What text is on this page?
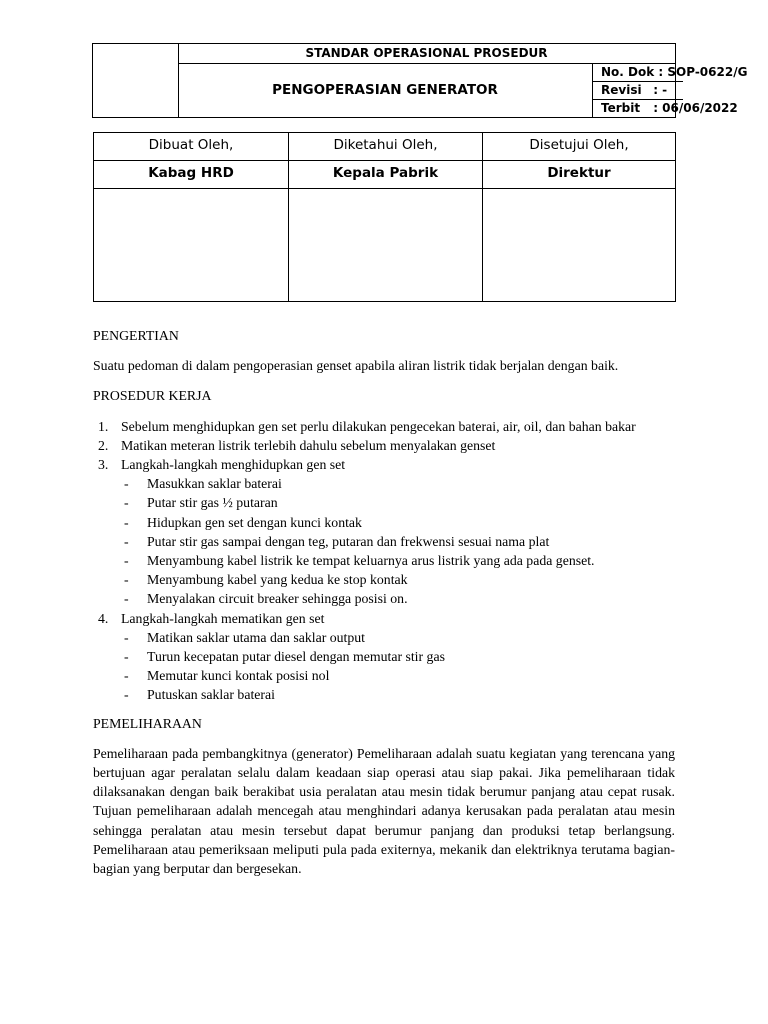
STANDAR OPERASIONAL PROSEDUR
PENGOPERASIAN GENERATOR
No. Dok : SOP-0622/G
Revisi : -
Terbit : 06/06/2022
Dibuat Oleh,
Kabag HRD
Diketahui Oleh,
Kepala Pabrik
Disetujui Oleh,
Direktur

PENGERTIAN

Suatu pedoman di dalam pengoperasian genset apabila aliran listrik tidak berjalan dengan baik.

PROSEDUR KERJA

1. Sebelum menghidupkan gen set perlu dilakukan pengecekan baterai, air, oil, dan bahan bakar
2. Matikan meteran listrik terlebih dahulu sebelum menyalakan genset
3. Langkah-langkah menghidupkan gen set
- Masukkan saklar baterai
- Putar stir gas ½ putaran
- Hidupkan gen set dengan kunci kontak
- Putar stir gas sampai dengan teg, putaran dan frekwensi sesuai nama plat
- Menyambung kabel listrik ke tempat keluarnya arus listrik yang ada pada genset.
- Menyambung kabel yang kedua ke stop kontak
- Menyalakan circuit breaker sehingga posisi on.
4. Langkah-langkah mematikan gen set
- Matikan saklar utama dan saklar output
- Turun kecepatan putar diesel dengan memutar stir gas
- Memutar kunci kontak posisi nol
- Putuskan saklar baterai

PEMELIHARAAN

Pemeliharaan pada pembangkitnya (generator) Pemeliharaan adalah suatu kegiatan yang terencana yang bertujuan agar peralatan selalu dalam keadaan siap operasi atau siap pakai. Jika pemeliharaan tidak dilaksanakan dengan baik berakibat usia peralatan atau mesin tidak berumur panjang atau cepat rusak. Tujuan pemeliharaan adalah mencegah atau menghindari adanya kerusakan pada peralatan atau mesin sehingga peralatan atau mesin tersebut dapat berumur panjang dan produksi tetap berlangsung. Pemeliharaan atau pemeriksaan meliputi pula pada exiternya, mekanik dan elektriknya terutama bagian-bagian yang berputar dan bergesekan.
